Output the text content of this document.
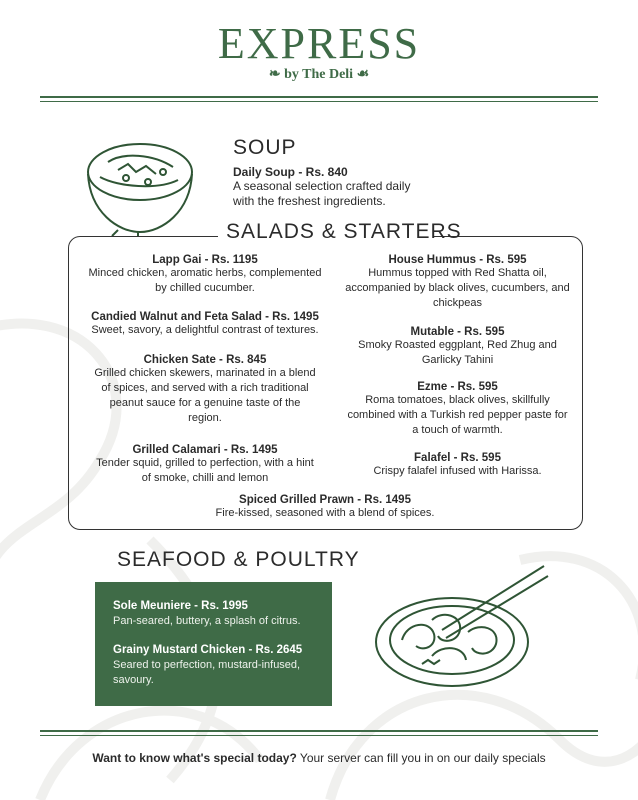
EXPRESS
❧ by The Deli ☙
SOUP
Daily Soup - Rs. 840
A seasonal selection crafted daily
with the freshest ingredients.
SALADS & STARTERS
Lapp Gai - Rs. 1195
Minced chicken, aromatic herbs, complemented
by chilled cucumber.
Candied Walnut and Feta Salad - Rs. 1495
Sweet, savory, a delightful contrast of textures.
Chicken Sate - Rs. 845
Grilled chicken skewers, marinated in a blend
of spices, and served with a rich traditional
peanut sauce for a genuine taste of the
region.
Grilled Calamari - Rs. 1495
Tender squid, grilled to perfection, with a hint
of smoke, chilli and lemon
House Hummus - Rs. 595
Hummus topped with Red Shatta oil,
accompanied by black olives, cucumbers, and
chickpeas
Mutable - Rs. 595
Smoky Roasted eggplant, Red Zhug and
Garlicky Tahini
Ezme - Rs. 595
Roma tomatoes, black olives, skillfully
combined with a Turkish red pepper paste for
a touch of warmth.
Falafel - Rs. 595
Crispy falafel infused with Harissa.
Spiced Grilled Prawn - Rs. 1495
Fire-kissed, seasoned with a blend of spices.
SEAFOOD & POULTRY
Sole Meuniere - Rs. 1995
Pan-seared, buttery, a splash of citrus.
Grainy Mustard Chicken - Rs. 2645
Seared to perfection, mustard-infused,
savoury.
Want to know what's special today? Your server can fill you in on our daily specials
